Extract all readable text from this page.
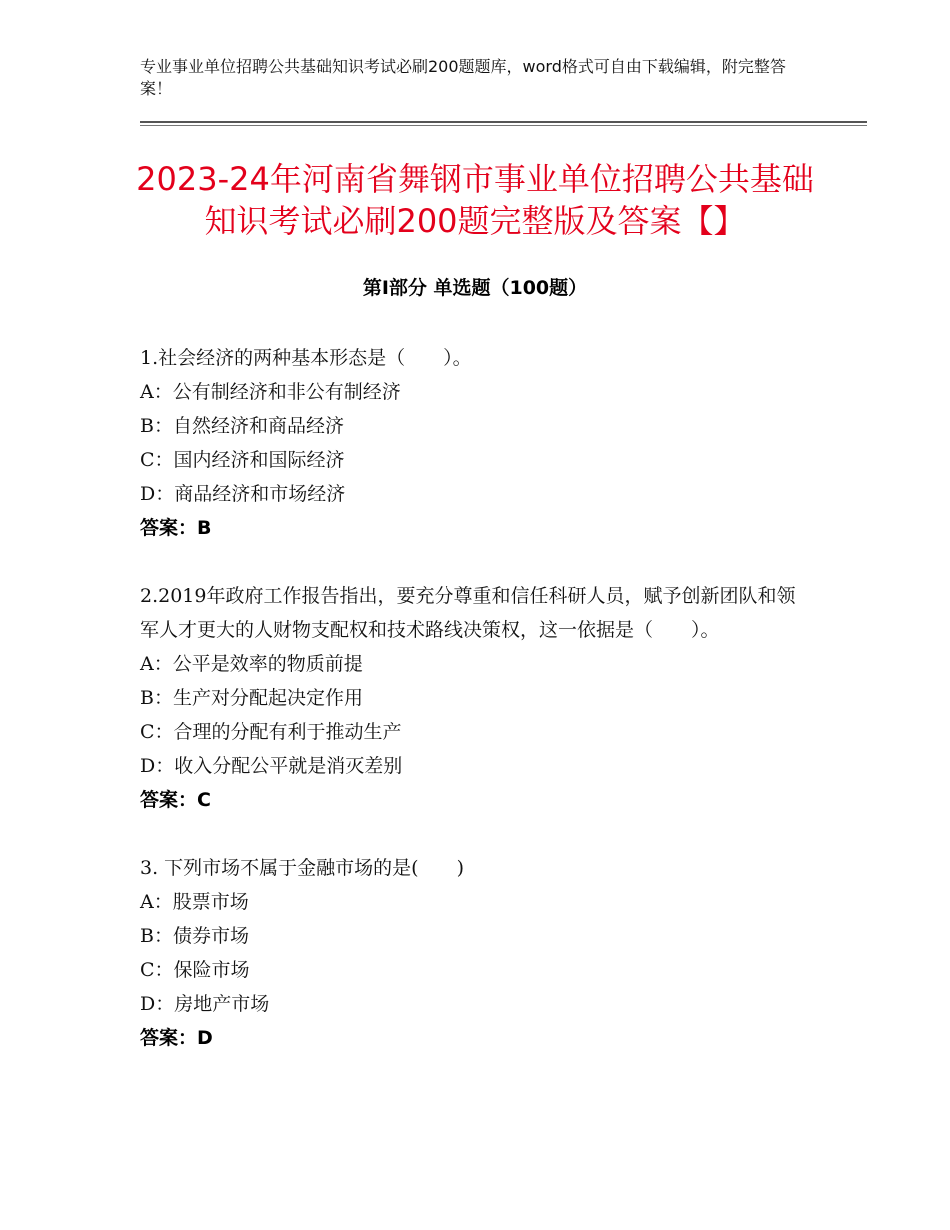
专业事业单位招聘公共基础知识考试必刷200题题库，word格式可自由下载编辑，附完整答案！
2023-24年河南省舞钢市事业单位招聘公共基础知识考试必刷200题完整版及答案【】
第Ⅰ部分 单选题（100题）
1.社会经济的两种基本形态是（　　）。
A：公有制经济和非公有制经济
B：自然经济和商品经济
C：国内经济和国际经济
D：商品经济和市场经济
答案：B
2.2019年政府工作报告指出，要充分尊重和信任科研人员，赋予创新团队和领军人才更大的人财物支配权和技术路线决策权，这一依据是（　　）。
A：公平是效率的物质前提
B：生产对分配起决定作用
C：合理的分配有利于推动生产
D：收入分配公平就是消灭差别
答案：C
3. 下列市场不属于金融市场的是(　　)
A：股票市场
B：债券市场
C：保险市场
D：房地产市场
答案：D
